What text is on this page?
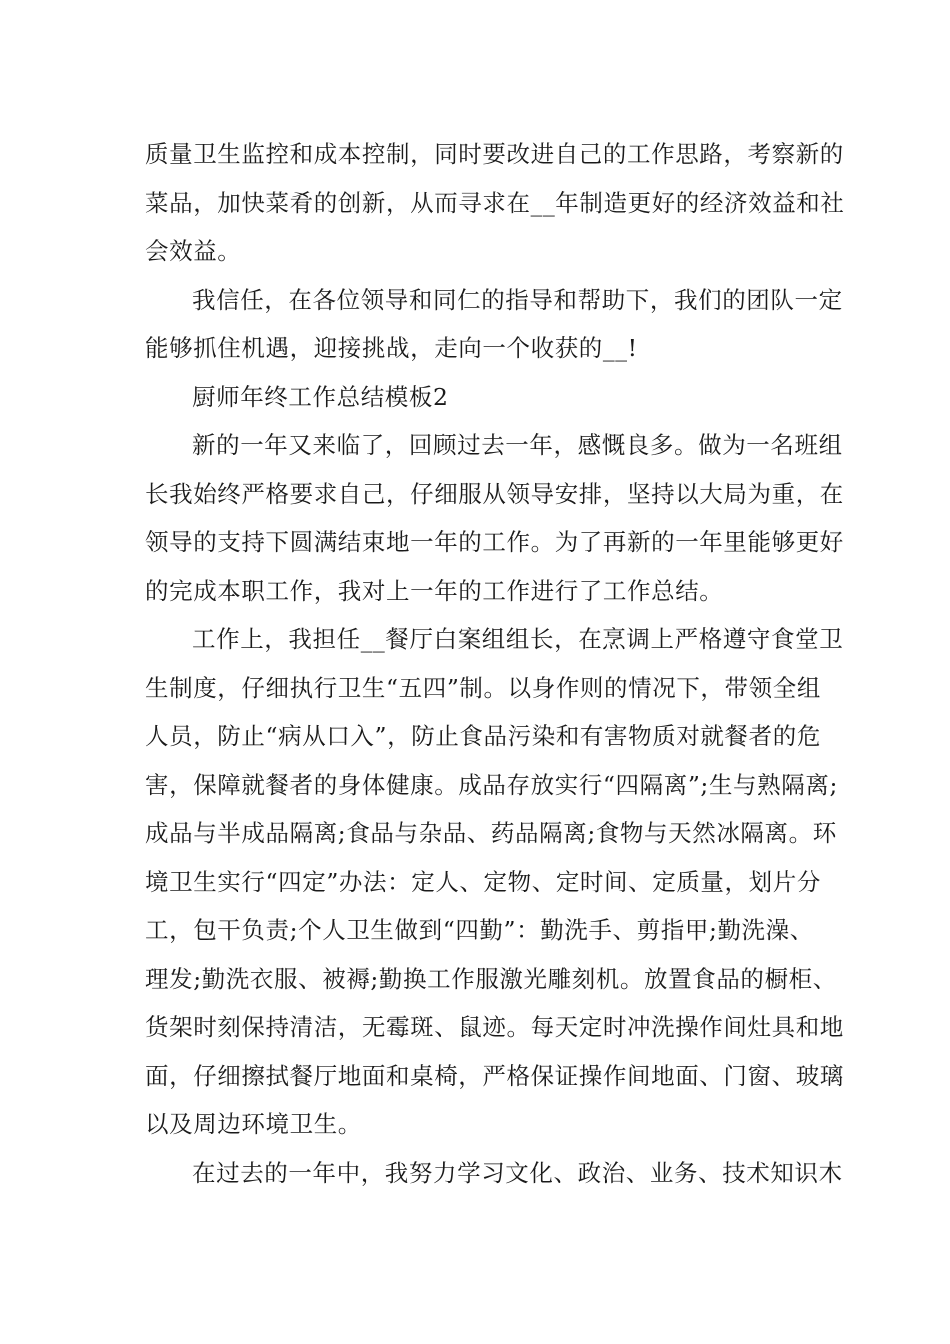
质量卫生监控和成本控制，同时要改进自己的工作思路，考察新的
菜品，加快菜肴的创新，从而寻求在__年制造更好的经济效益和社
会效益。
我信任，在各位领导和同仁的指导和帮助下，我们的团队一定
能够抓住机遇，迎接挑战，走向一个收获的__!
厨师年终工作总结模板2
新的一年又来临了，回顾过去一年，感慨良多。做为一名班组
长我始终严格要求自己，仔细服从领导安排，坚持以大局为重，在
领导的支持下圆满结束地一年的工作。为了再新的一年里能够更好
的完成本职工作，我对上一年的工作进行了工作总结。
工作上，我担任__餐厅白案组组长，在烹调上严格遵守食堂卫
生制度，仔细执行卫生“五四”制。以身作则的情况下，带领全组
人员，防止“病从口入”，防止食品污染和有害物质对就餐者的危
害，保障就餐者的身体健康。成品存放实行“四隔离”;生与熟隔离;
成品与半成品隔离;食品与杂品、药品隔离;食物与天然冰隔离。环
境卫生实行“四定”办法：定人、定物、定时间、定质量，划片分
工，包干负责;个人卫生做到“四勤”：勤洗手、剪指甲;勤洗澡、
理发;勤洗衣服、被褥;勤换工作服激光雕刻机。放置食品的橱柜、
货架时刻保持清洁，无霉斑、鼠迹。每天定时冲洗操作间灶具和地
面，仔细擦拭餐厅地面和桌椅，严格保证操作间地面、门窗、玻璃
以及周边环境卫生。
在过去的一年中，我努力学习文化、政治、业务、技术知识木
